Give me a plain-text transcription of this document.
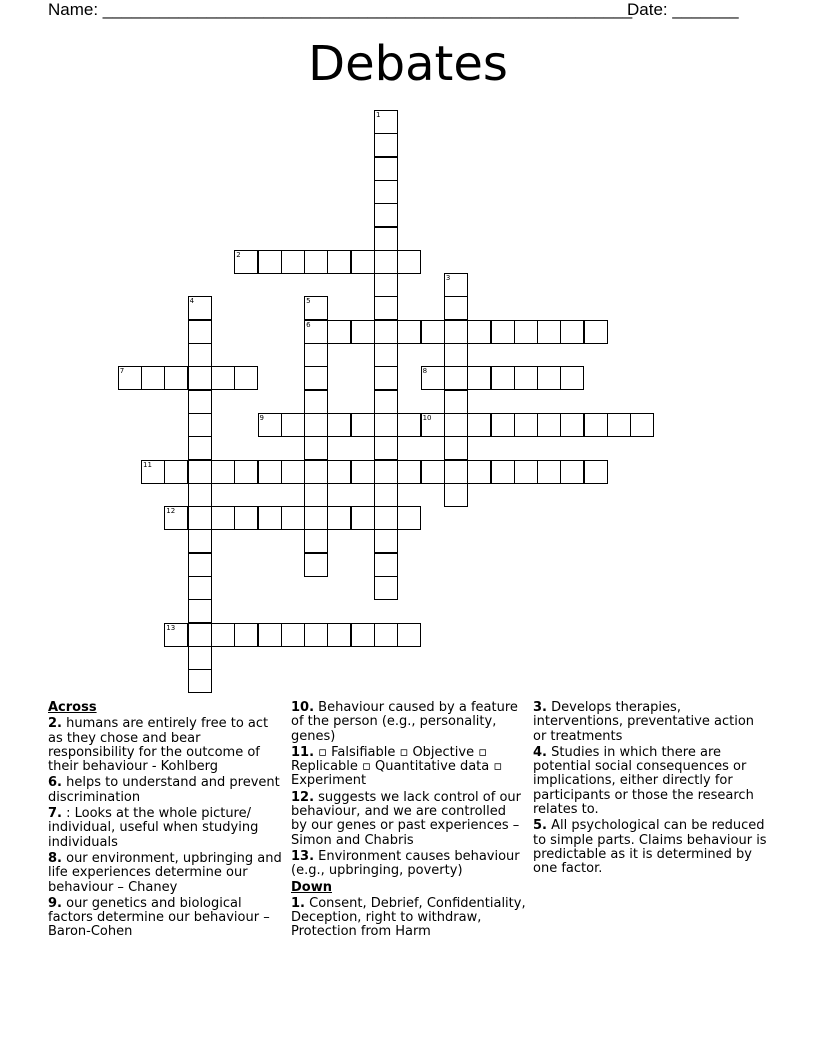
Name: ________________________________________________________
Date: _______
Debates
2
6
7	8
9	10
11
12
13
1
3
4	5
Across
2. humans are entirely free to act as they chose and bear responsibility for the outcome of their behaviour - Kohlberg
6. helps to understand and prevent discrimination
7. : Looks at the whole picture/ individual, useful when studying individuals
8. our environment, upbringing and life experiences determine our behaviour – Chaney
9. our genetics and biological factors determine our behaviour – Baron-Cohen
10. Behaviour caused by a feature of the person (e.g., personality, genes)
11. ▫ Falsifiable ▫ Objective ▫ Replicable ▫ Quantitative data ▫ Experiment
12. suggests we lack control of our behaviour, and we are controlled by our genes or past experiences – Simon and Chabris
13. Environment causes behaviour (e.g., upbringing, poverty)
Down
1. Consent, Debrief, Confidentiality, Deception, right to withdraw, Protection from Harm
3. Develops therapies, interventions, preventative action or treatments
4. Studies in which there are potential social consequences or implications, either directly for participants or those the research relates to.
5. All psychological can be reduced to simple parts. Claims behaviour is predictable as it is determined by one factor.
